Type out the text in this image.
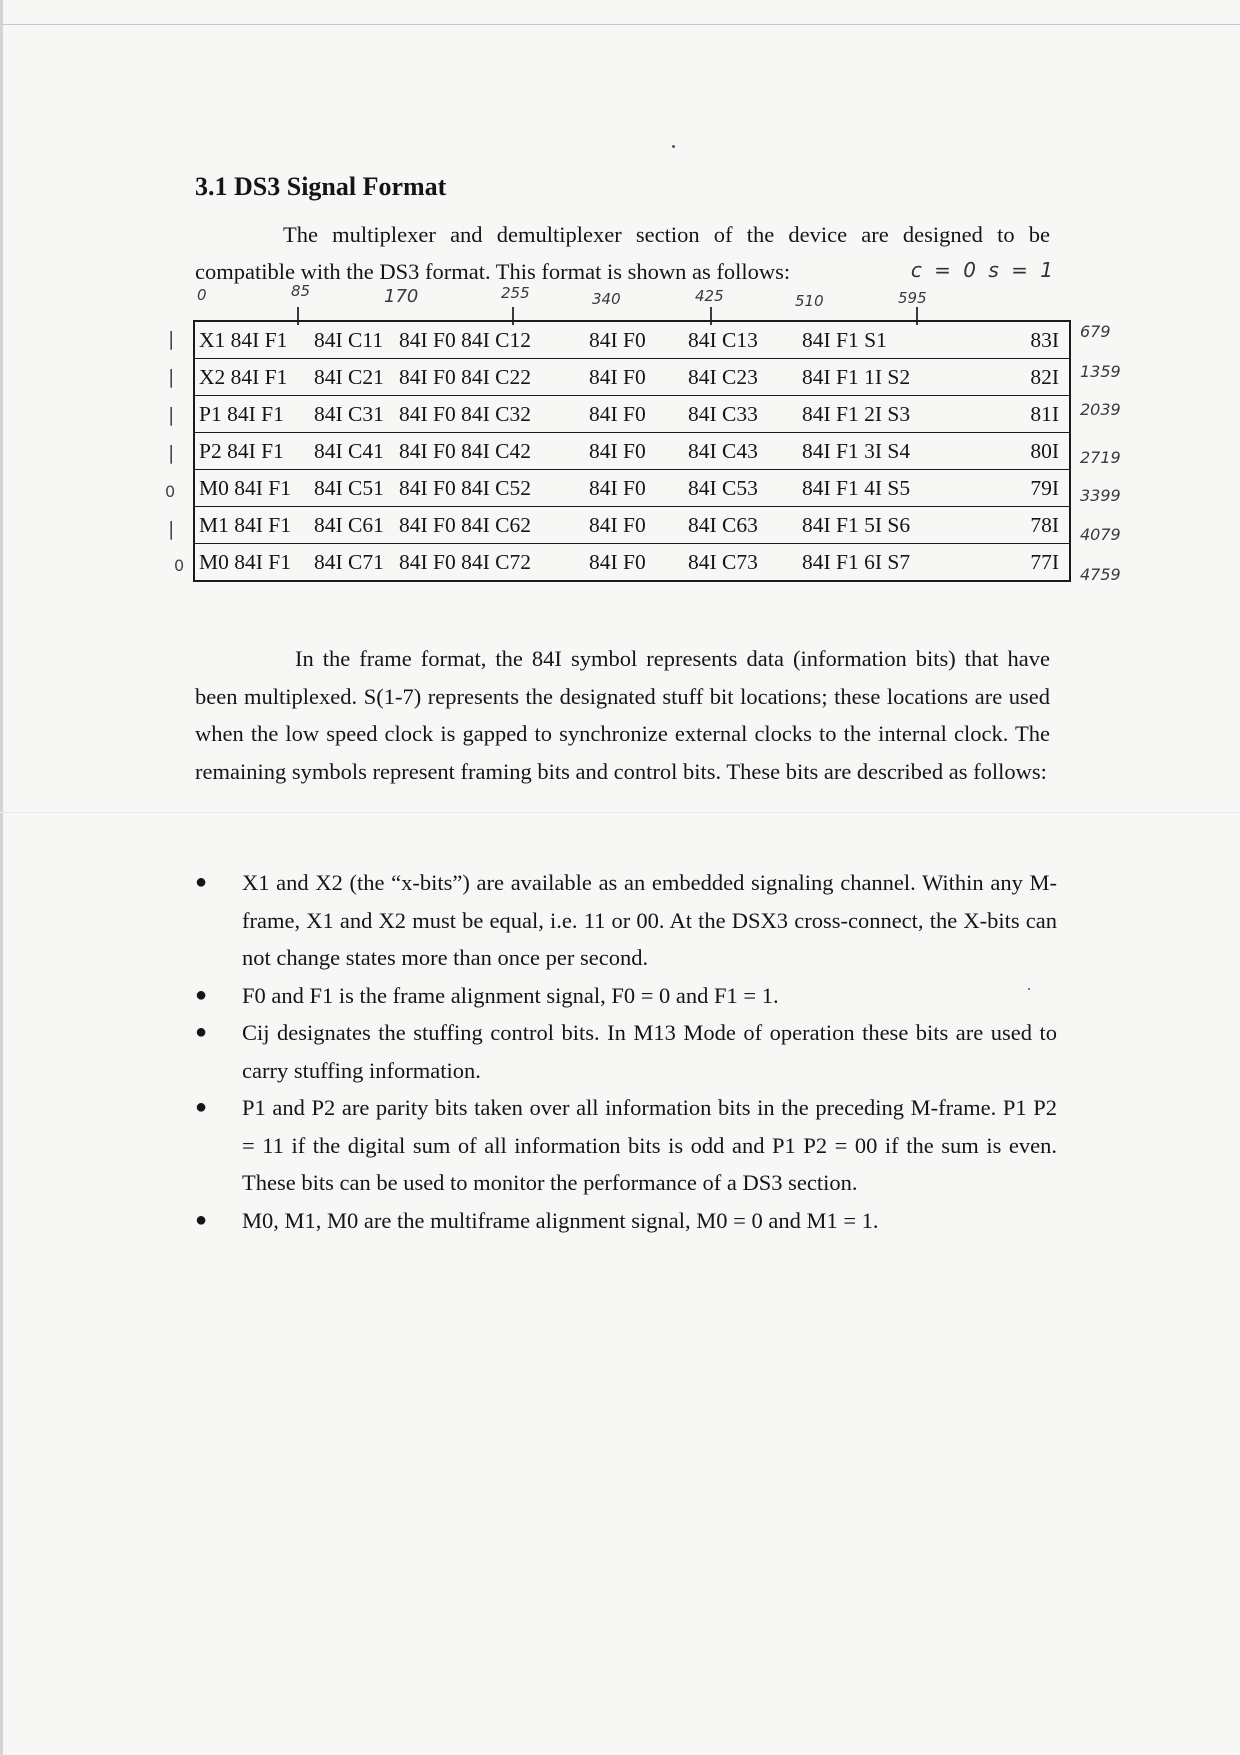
3.1 DS3 Signal Format

The multiplexer and demultiplexer section of the device are designed to be compatible with the DS3 format. This format is shown as follows:	c = 0 s = 1

0	85	170	255	340	425	510	595
X1 84I F1	84I C11	84I F0 84I C12	84I F0	84I C13	84I F1 S1	83I
X2 84I F1	84I C21	84I F0 84I C22	84I F0	84I C23	84I F1 1I S2	82I
P1 84I F1	84I C31	84I F0 84I C32	84I F0	84I C33	84I F1 2I S3	81I
P2 84I F1	84I C41	84I F0 84I C42	84I F0	84I C43	84I F1 3I S4	80I
M0 84I F1	84I C51	84I F0 84I C52	84I F0	84I C53	84I F1 4I S5	79I
M1 84I F1	84I C61	84I F0 84I C62	84I F0	84I C63	84I F1 5I S6	78I
M0 84I F1	84I C71	84I F0 84I C72	84I F0	84I C73	84I F1 6I S7	77I
|
|
|
|
0
|
0
679
1359
2039
2719
3399
4079
4759

In the frame format, the 84I symbol represents data (information bits) that have been multiplexed. S(1-7) represents the designated stuff bit locations; these locations are used when the low speed clock is gapped to synchronize external clocks to the internal clock. The remaining symbols represent framing bits and control bits. These bits are described as follows:

● X1 and X2 (the “x-bits”) are available as an embedded signaling channel. Within any M-frame, X1 and X2 must be equal, i.e. 11 or 00. At the DSX3 cross-connect, the X-bits can not change states more than once per second.
● F0 and F1 is the frame alignment signal, F0 = 0 and F1 = 1.
● Cij designates the stuffing control bits. In M13 Mode of operation these bits are used to carry stuffing information.
● P1 and P2 are parity bits taken over all information bits in the preceding M-frame. P1 P2 = 11 if the digital sum of all information bits is odd and P1 P2 = 00 if the sum is even. These bits can be used to monitor the performance of a DS3 section.
● M0, M1, M0 are the multiframe alignment signal, M0 = 0 and M1 = 1.
